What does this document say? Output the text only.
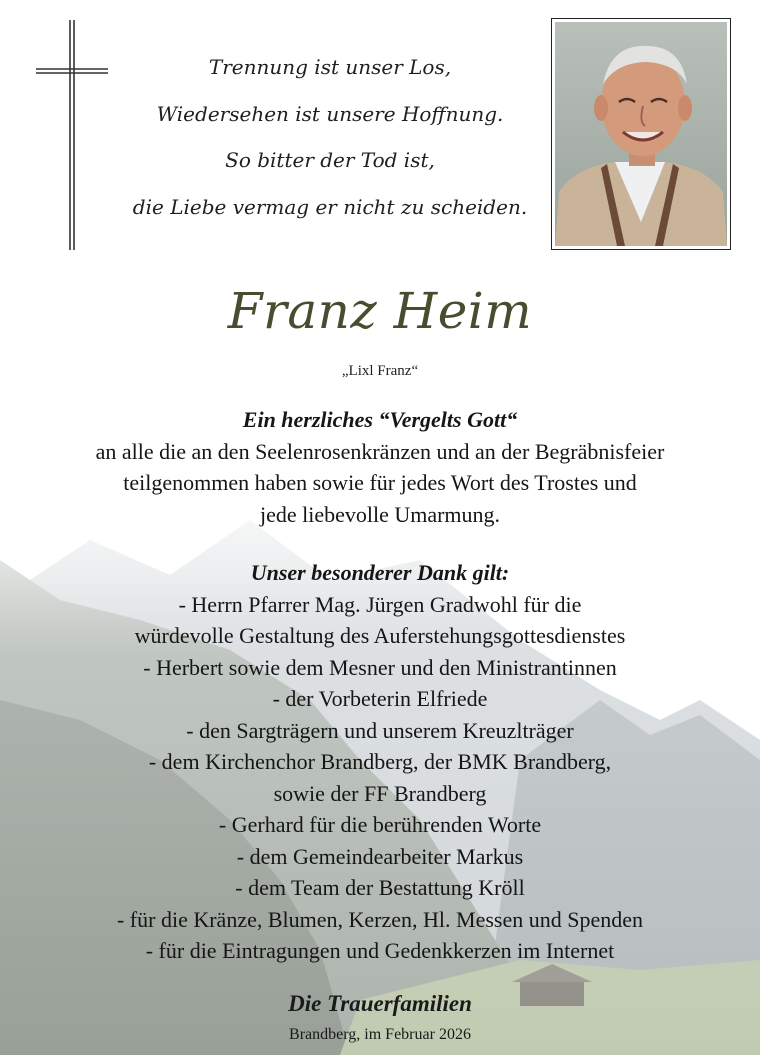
Trennung ist unser Los,
Wiedersehen ist unsere Hoffnung.
So bitter der Tod ist,
die Liebe vermag er nicht zu scheiden.
Franz Heim
„Lixl Franz“
Ein herzliches “Vergelts Gott“
an alle die an den Seelenrosenkränzen und an der Begräbnisfeier
teilgenommen haben sowie für jedes Wort des Trostes und
jede liebevolle Umarmung.
Unser besonderer Dank gilt:
- Herrn Pfarrer Mag. Jürgen Gradwohl für die
würdevolle Gestaltung des Auferstehungsgottesdienstes
- Herbert sowie dem Mesner und den Ministrantinnen
- der Vorbeterin Elfriede
- den Sargträgern und unserem Kreuzlträger
- dem Kirchenchor Brandberg, der BMK Brandberg,
sowie der FF Brandberg
- Gerhard für die berührenden Worte
- dem Gemeindearbeiter Markus
- dem Team der Bestattung Kröll
- für die Kränze, Blumen, Kerzen, Hl. Messen und Spenden
- für die Eintragungen und Gedenkkerzen im Internet
Die Trauerfamilien
Brandberg, im Februar 2026
